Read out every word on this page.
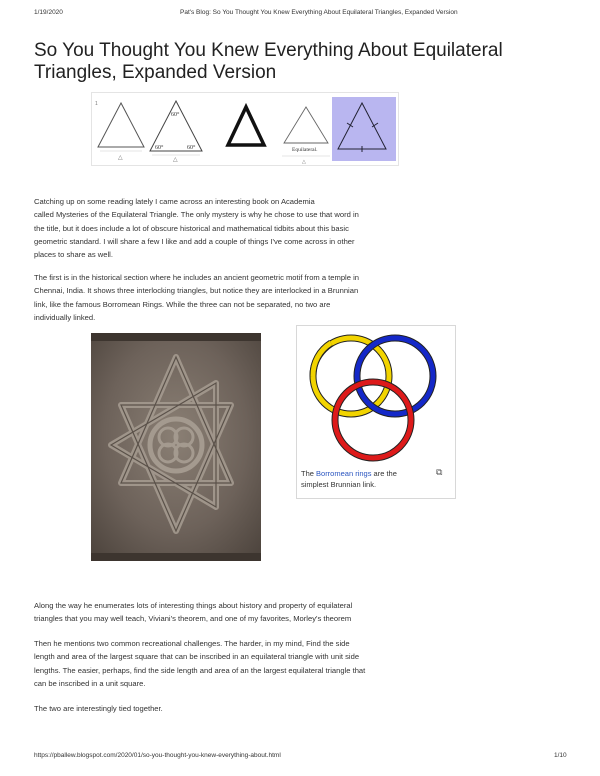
1/19/2020	Pat's Blog: So You Thought You Knew Everything About Equilateral Triangles, Expanded Version
So You Thought You Knew Everything About Equilateral Triangles, Expanded Version
1
△
60°
60°	60°
△
Equilateral.
△

Catching up on some reading lately I came across an interesting book on Academia

called Mysteries of the Equilateral Triangle. The only mystery is why he chose to use that word in

the title, but it does include a lot of obscure historical and mathematical tidbits about this basic

geometric standard. I will share a few I like and add a couple of things I've come across in other

places to share as well.

The first is in the historical section where he includes an ancient geometric motif from a temple in

Chennai, India. It shows three interlocking triangles, but notice they are interlocked in a Brunnian

link, like the famous Borromean Rings. While the three can not be separated, no two are

individually linked.

The Borromean rings are the
simplest Brunnian link.
⧉

Along the way he enumerates lots of interesting things about history and property of equilateral

triangles that you may well teach, Viviani's theorem, and one of my favorites, Morley's theorem

Then he mentions two common recreational challenges. The harder, in my mind, Find the side

length and area of the largest square that can be inscribed in an equilateral triangle with unit side

lengths. The easier, perhaps, find the side length and area of an the largest equilateral triangle that

can be inscribed in a unit square.

The two are interestingly tied together.

https://pballew.blogspot.com/2020/01/so-you-thought-you-knew-everything-about.html	1/10
